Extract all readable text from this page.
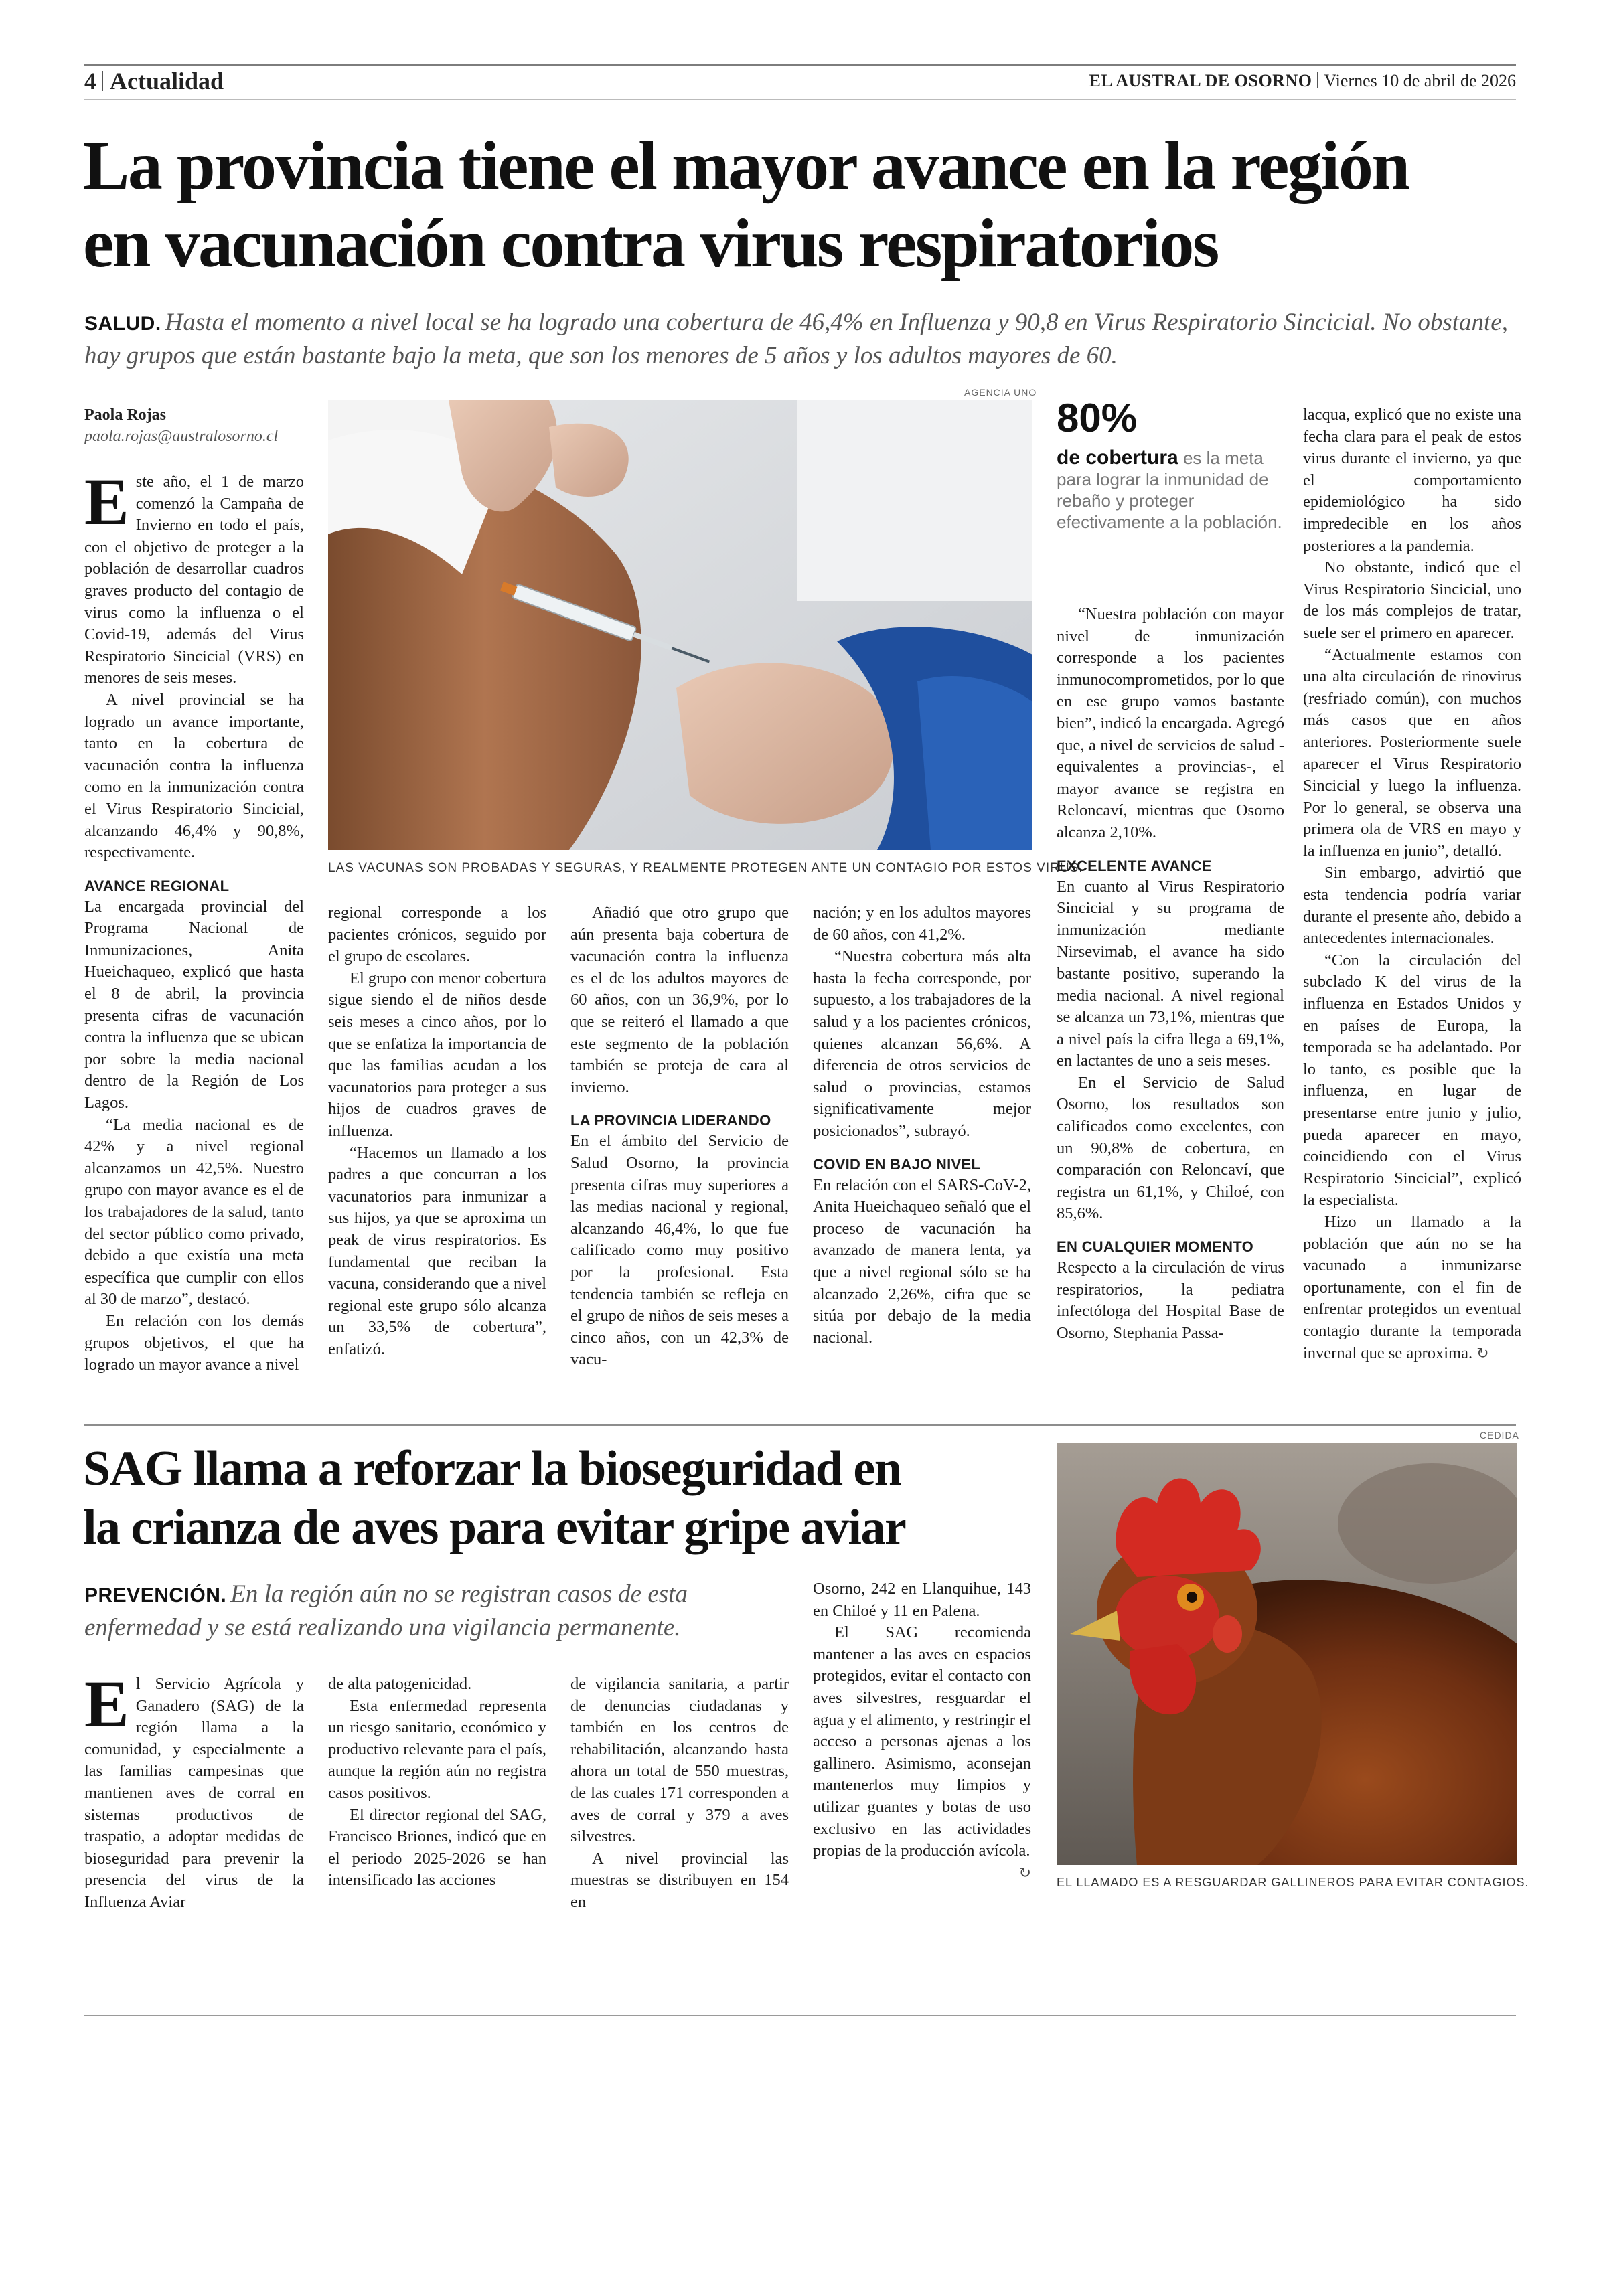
4 Actualidad	EL AUSTRAL DE OSORNO Viernes 10 de abril de 2026
La provincia tiene el mayor avance en la región
en vacunación contra virus respiratorios
SALUD. Hasta el momento a nivel local se ha logrado una cobertura de 46,4% en Influenza y 90,8 en Virus Respiratorio Sincicial. No obstante, hay grupos que están bastante bajo la meta, que son los menores de 5 años y los adultos mayores de 60.
Paola Rojas
paola.rojas@australosorno.cl
AGENCIA UNO
LAS VACUNAS SON PROBADAS Y SEGURAS, Y REALMENTE PROTEGEN ANTE UN CONTAGIO POR ESTOS VIRUS.

Este año, el 1 de marzo comenzó la Campaña de Invierno en todo el país, con el objetivo de proteger a la población de desarrollar cuadros graves producto del contagio de virus como la influenza o el Covid-19, además del Virus Respiratorio Sincicial (VRS) en menores de seis meses.

A nivel provincial se ha logrado un avance importante, tanto en la cobertura de vacunación contra la influenza como en la inmunización contra el Virus Respiratorio Sincicial, alcanzando 46,4% y 90,8%, respectivamente.

AVANCE REGIONAL

La encargada provincial del Programa Nacional de Inmunizaciones, Anita Hueichaqueo, explicó que hasta el 8 de abril, la provincia presenta cifras de vacunación contra la influenza que se ubican por sobre la media nacional dentro de la Región de Los Lagos.

“La media nacional es de 42% y a nivel regional alcanzamos un 42,5%. Nuestro grupo con mayor avance es el de los trabajadores de la salud, tanto del sector público como privado, debido a que existía una meta específica que cumplir con ellos al 30 de marzo”, destacó.

En relación con los demás grupos objetivos, el que ha logrado un mayor avance a nivel

regional corresponde a los pacientes crónicos, seguido por el grupo de escolares.

El grupo con menor cobertura sigue siendo el de niños desde seis meses a cinco años, por lo que se enfatiza la importancia de que las familias acudan a los vacunatorios para proteger a sus hijos de cuadros graves de influenza.

“Hacemos un llamado a los padres a que concurran a los vacunatorios para inmunizar a sus hijos, ya que se aproxima un peak de virus respiratorios. Es fundamental que reciban la vacuna, considerando que a nivel regional este grupo sólo alcanza un 33,5% de cobertura”, enfatizó.

Añadió que otro grupo que aún presenta baja cobertura de vacunación contra la influenza es el de los adultos mayores de 60 años, con un 36,9%, por lo que se reiteró el llamado a que este segmento de la población también se proteja de cara al invierno.

LA PROVINCIA LIDERANDO

En el ámbito del Servicio de Salud Osorno, la provincia presenta cifras muy superiores a las medias nacional y regional, alcanzando 46,4%, lo que fue calificado como muy positivo por la profesional. Esta tendencia también se refleja en el grupo de niños de seis meses a cinco años, con un 42,3% de vacu-

nación; y en los adultos mayores de 60 años, con 41,2%.

“Nuestra cobertura más alta hasta la fecha corresponde, por supuesto, a los trabajadores de la salud y a los pacientes crónicos, quienes alcanzan 56,6%. A diferencia de otros servicios de salud o provincias, estamos significativamente mejor posicionados”, subrayó.

COVID EN BAJO NIVEL

En relación con el SARS-CoV-2, Anita Hueichaqueo señaló que el proceso de vacunación ha avanzado de manera lenta, ya que a nivel regional sólo se ha alcanzado 2,26%, cifra que se sitúa por debajo de la media nacional.

80%
de cobertura es la meta para lograr la inmunidad de rebaño y proteger efectivamente a la población.

“Nuestra población con mayor nivel de inmunización corresponde a los pacientes inmunocomprometidos, por lo que en ese grupo vamos bastante bien”, indicó la encargada. Agregó que, a nivel de servicios de salud -equivalentes a provincias-, el mayor avance se registra en Reloncaví, mientras que Osorno alcanza 2,10%.

EXCELENTE AVANCE

En cuanto al Virus Respiratorio Sincicial y su programa de inmunización mediante Nirsevimab, el avance ha sido bastante positivo, superando la media nacional. A nivel regional se alcanza un 73,1%, mientras que a nivel país la cifra llega a 69,1%, en lactantes de uno a seis meses.

En el Servicio de Salud Osorno, los resultados son calificados como excelentes, con un 90,8% de cobertura, en comparación con Reloncaví, que registra un 61,1%, y Chiloé, con 85,6%.

EN CUALQUIER MOMENTO

Respecto a la circulación de virus respiratorios, la pediatra infectóloga del Hospital Base de Osorno, Stephania Passa-

lacqua, explicó que no existe una fecha clara para el peak de estos virus durante el invierno, ya que el comportamiento epidemiológico ha sido impredecible en los años posteriores a la pandemia.

No obstante, indicó que el Virus Respiratorio Sincicial, uno de los más complejos de tratar, suele ser el primero en aparecer.

“Actualmente estamos con una alta circulación de rinovirus (resfriado común), con muchos más casos que en años anteriores. Posteriormente suele aparecer el Virus Respiratorio Sincicial y luego la influenza. Por lo general, se observa una primera ola de VRS en mayo y la influenza en junio”, detalló.

Sin embargo, advirtió que esta tendencia podría variar durante el presente año, debido a antecedentes internacionales.

“Con la circulación del subclado K del virus de la influenza en Estados Unidos y en países de Europa, la temporada se ha adelantado. Por lo tanto, es posible que la influenza, en lugar de presentarse entre junio y julio, pueda aparecer en mayo, coincidiendo con el Virus Respiratorio Sincicial”, explicó la especialista.

Hizo un llamado a la población que aún no se ha vacunado a inmunizarse oportunamente, con el fin de enfrentar protegidos un eventual contagio durante la temporada invernal que se aproxima. ↻

SAG llama a reforzar la bioseguridad en
la crianza de aves para evitar gripe aviar
PREVENCIÓN. En la región aún no se registran casos de esta enfermedad y se está realizando una vigilancia permanente.

El Servicio Agrícola y Ganadero (SAG) de la región llama a la comunidad, y especialmente a las familias campesinas que mantienen aves de corral en sistemas productivos de traspatio, a adoptar medidas de bioseguridad para prevenir la presencia del virus de la Influenza Aviar

de alta patogenicidad.

Esta enfermedad representa un riesgo sanitario, económico y productivo relevante para el país, aunque la región aún no registra casos positivos.

El director regional del SAG, Francisco Briones, indicó que en el periodo 2025-2026 se han intensificado las acciones

de vigilancia sanitaria, a partir de denuncias ciudadanas y también en los centros de rehabilitación, alcanzando hasta ahora un total de 550 muestras, de las cuales 171 corresponden a aves de corral y 379 a aves silvestres.

A nivel provincial las muestras se distribuyen en 154 en

Osorno, 242 en Llanquihue, 143 en Chiloé y 11 en Palena.

El SAG recomienda mantener a las aves en espacios protegidos, evitar el contacto con aves silvestres, resguardar el agua y el alimento, y restringir el acceso a personas ajenas a los gallinero. Asimismo, aconsejan mantenerlos muy limpios y utilizar guantes y botas de uso exclusivo en las actividades propias de la producción avícola.

↻

CEDIDA
EL LLAMADO ES A RESGUARDAR GALLINEROS PARA EVITAR CONTAGIOS.
